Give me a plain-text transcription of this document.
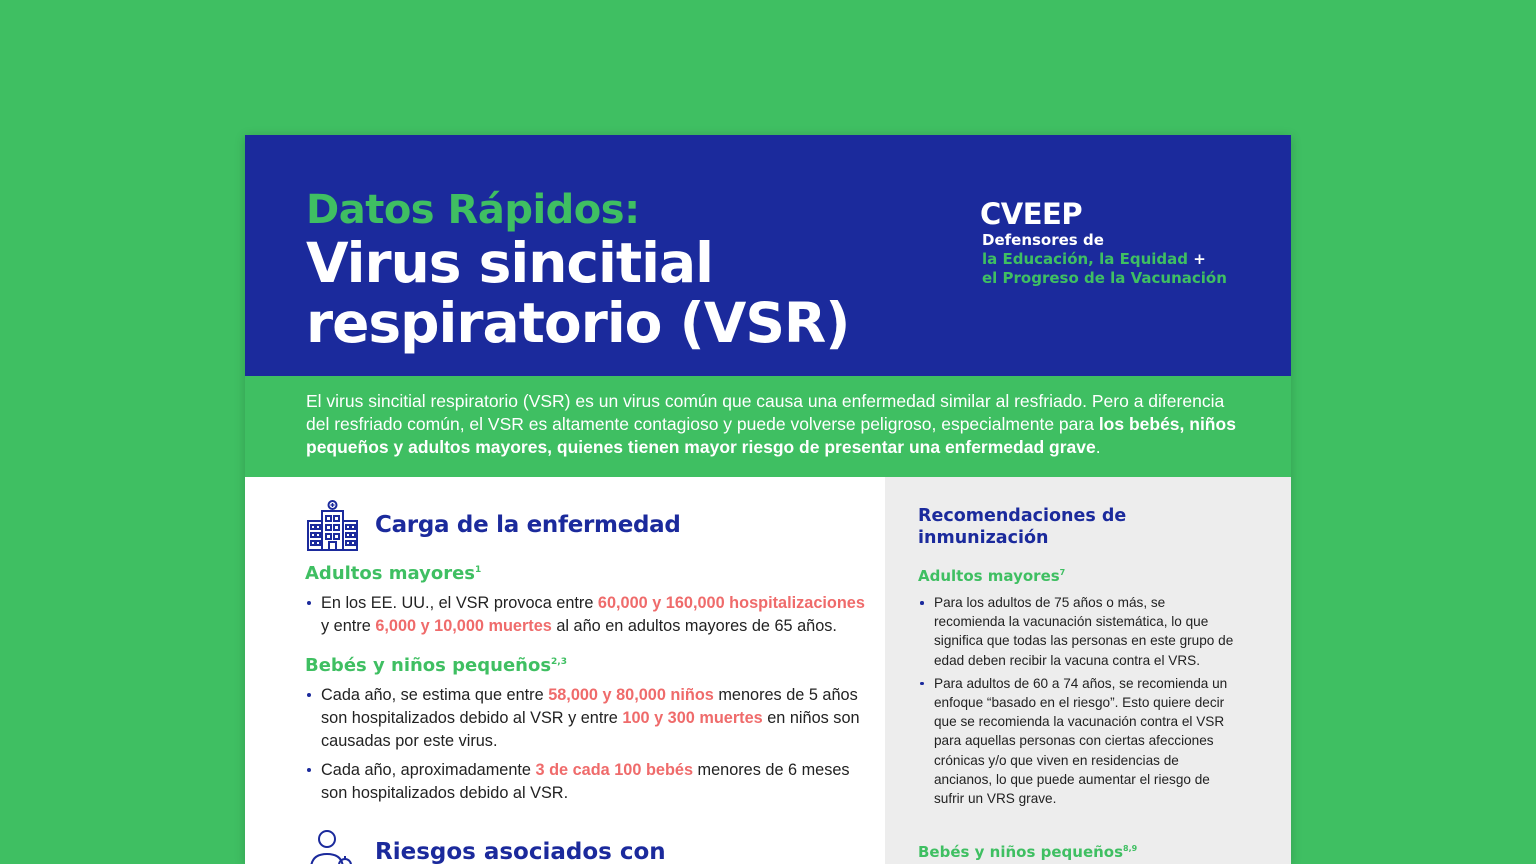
Datos Rápidos:
Virus sincitial respiratorio (VSR)
CVEEP
Defensores de
la Educación, la Equidad +
el Progreso de la Vacunación

El virus sincitial respiratorio (VSR) es un virus común que causa una enfermedad similar al resfriado. Pero a diferencia del resfriado común, el VSR es altamente contagioso y puede volverse peligroso, especialmente para los bebés, niños pequeños y adultos mayores, quienes tienen mayor riesgo de presentar una enfermedad grave.

Carga de la enfermedad

Adultos mayores$^1$

En los EE. UU., el VSR provoca entre 60,000 y 160,000 hospitalizaciones y entre 6,000 y 10,000 muertes al año en adultos mayores de 65 años.

Bebés y niños pequeños$^{2,3}$

Cada año, se estima que entre 58,000 y 80,000 niños menores de 5 años son hospitalizados debido al VSR y entre 100 y 300 muertes en niños son causadas por este virus.
Cada año, aproximadamente 3 de cada 100 bebés menores de 6 meses son hospitalizados debido al VSR.
Riesgos asociados con

Recomendaciones de inmunización

Adultos mayores$^7$

Para los adultos de 75 años o más, se recomienda la vacunación sistemática, lo que significa que todas las personas en este grupo de edad deben recibir la vacuna contra el VRS.
Para adultos de 60 a 74 años, se recomienda un enfoque “basado en el riesgo”. Esto quiere decir que se recomienda la vacunación contra el VSR para aquellas personas con ciertas afecciones crónicas y/o que viven en residencias de ancianos, lo que puede aumentar el riesgo de sufrir un VRS grave.

Bebés y niños pequeños$^{8,9}$
